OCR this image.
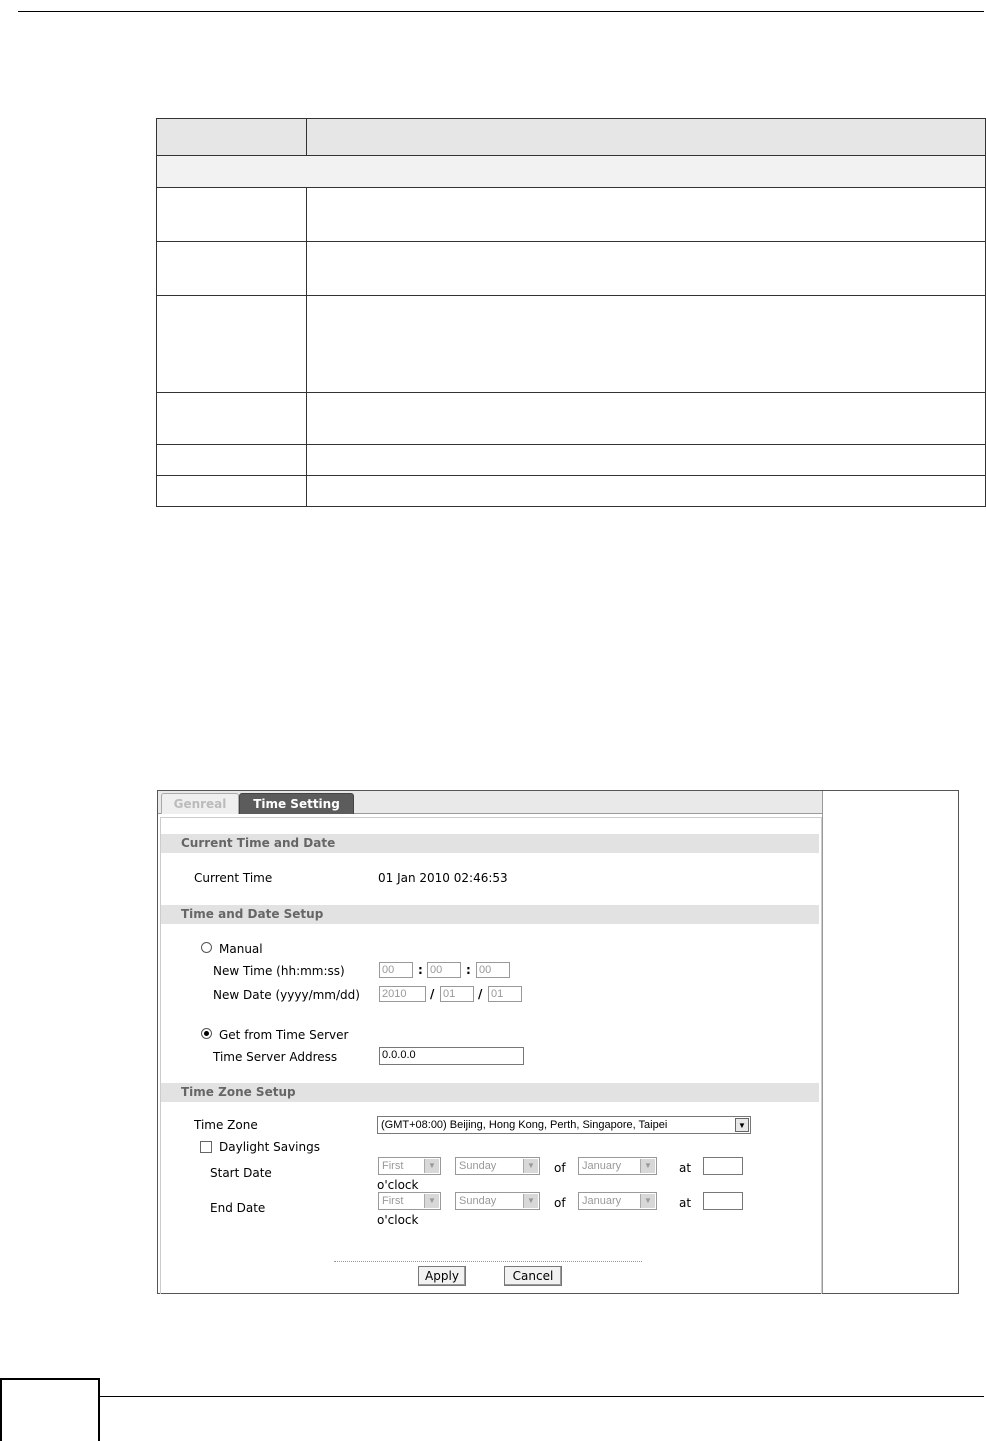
Genreal	Time Setting
Current Time and Date
Current Time	01 Jan 2010 02:46:53
Time and Date Setup
Manual
New Time (hh:mm:ss)	00	: 00	: 00
New Date (yyyy/mm/dd) 2010	/ 01	/ 01
Get from Time Server
Time Server Address	0.0.0.0
Time Zone Setup
Time Zone	(GMT+08:00) Beijing, Hong Kong, Perth, Singapore, Taipei	▼
Daylight Savings
Start Date	First	▼	Sunday	▼ of	January	▼ at
o'clock
End Date	First	▼	Sunday	▼ of	January	▼ at
o'clock
Apply	Cancel
